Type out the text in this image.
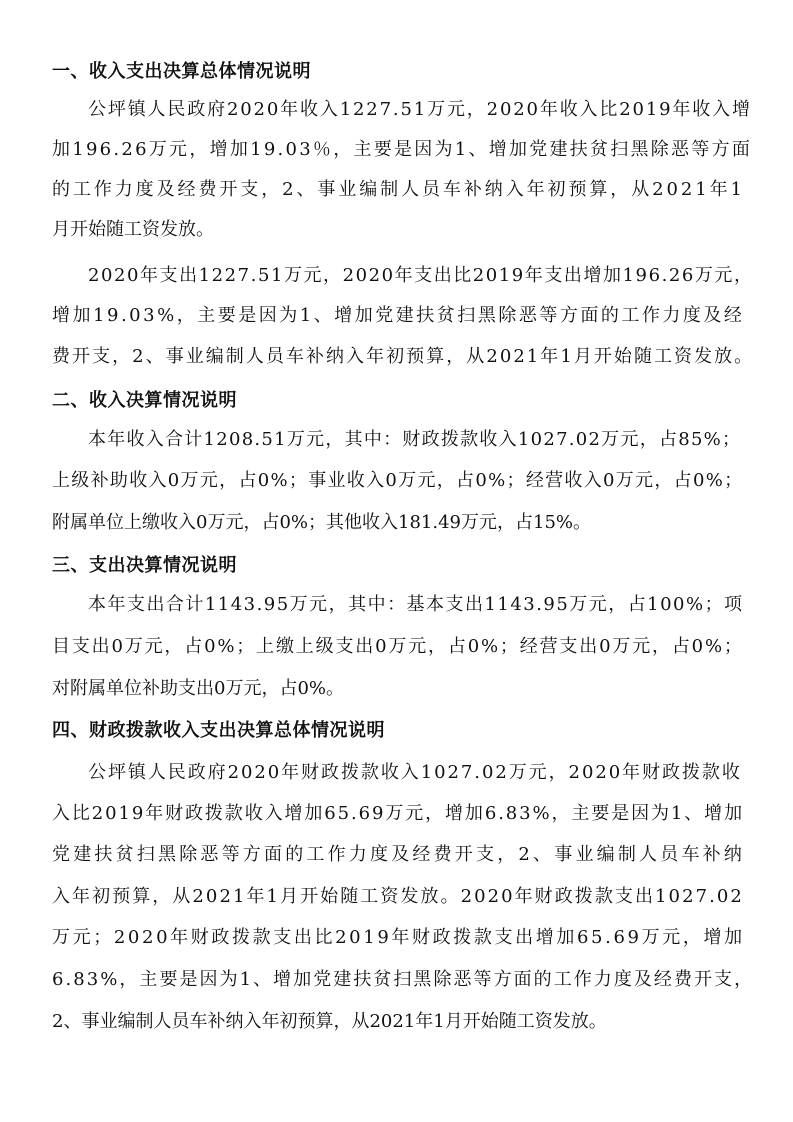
一、收入支出决算总体情况说明
公坪镇人民政府2020年收入1227.51万元，2020年收入比2019年收入增
加196.26万元，增加19.03％，主要是因为1、增加党建扶贫扫黑除恶等方面
的工作力度及经费开支，2、事业编制人员车补纳入年初预算，从2021年1
月开始随工资发放。
2020年支出1227.51万元，2020年支出比2019年支出增加196.26万元，
增加19.03%，主要是因为1、增加党建扶贫扫黑除恶等方面的工作力度及经
费开支，2、事业编制人员车补纳入年初预算，从2021年1月开始随工资发放。
二、收入决算情况说明
本年收入合计1208.51万元，其中：财政拨款收入1027.02万元，占85%；
上级补助收入0万元，占0%；事业收入0万元，占0%；经营收入0万元，占0%；
附属单位上缴收入0万元，占0%；其他收入181.49万元，占15%。
三、支出决算情况说明
本年支出合计1143.95万元，其中：基本支出1143.95万元，占100%；项
目支出0万元，占0%；上缴上级支出0万元，占0%；经营支出0万元，占0%；
对附属单位补助支出0万元，占0%。
四、财政拨款收入支出决算总体情况说明
公坪镇人民政府2020年财政拨款收入1027.02万元，2020年财政拨款收
入比2019年财政拨款收入增加65.69万元，增加6.83%，主要是因为1、增加
党建扶贫扫黑除恶等方面的工作力度及经费开支，2、事业编制人员车补纳
入年初预算，从2021年1月开始随工资发放。2020年财政拨款支出1027.02
万元；2020年财政拨款支出比2019年财政拨款支出增加65.69万元，增加
6.83%，主要是因为1、增加党建扶贫扫黑除恶等方面的工作力度及经费开支，
2、事业编制人员车补纳入年初预算，从2021年1月开始随工资发放。
